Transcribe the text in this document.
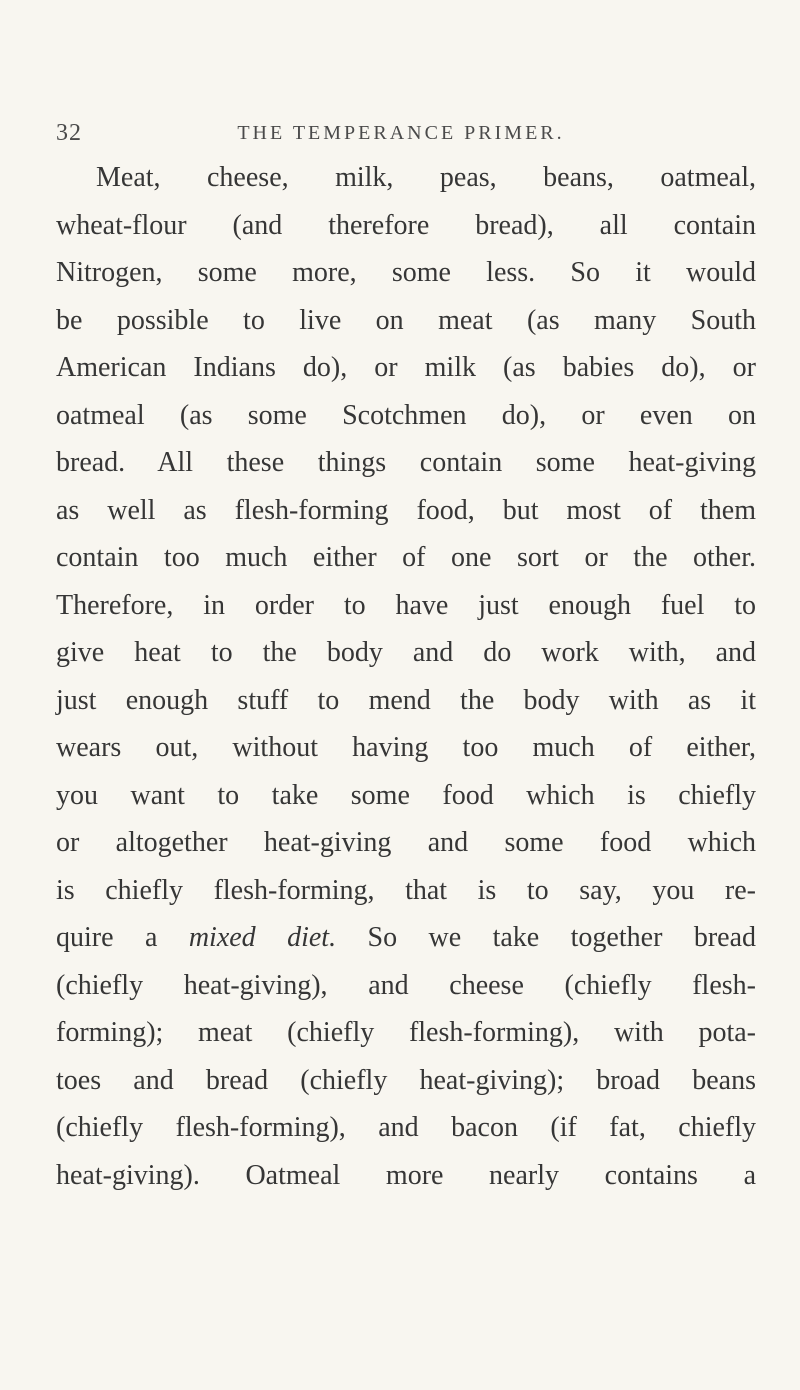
32	THE TEMPERANCE PRIMER.
Meat, cheese, milk, peas, beans, oatmeal,
wheat-flour (and therefore bread), all contain
Nitrogen, some more, some less. So it would
be possible to live on meat (as many South
American Indians do), or milk (as babies do), or
oatmeal (as some Scotchmen do), or even on
bread. All these things contain some heat-giving
as well as flesh-forming food, but most of them
contain too much either of one sort or the other.
Therefore, in order to have just enough fuel to
give heat to the body and do work with, and
just enough stuff to mend the body with as it
wears out, without having too much of either,
you want to take some food which is chiefly
or altogether heat-giving and some food which
is chiefly flesh-forming, that is to say, you re-
quire a mixed diet. So we take together bread
(chiefly heat-giving), and cheese (chiefly flesh-
forming); meat (chiefly flesh-forming), with pota-
toes and bread (chiefly heat-giving); broad beans
(chiefly flesh-forming), and bacon (if fat, chiefly
heat-giving). Oatmeal more nearly contains a
